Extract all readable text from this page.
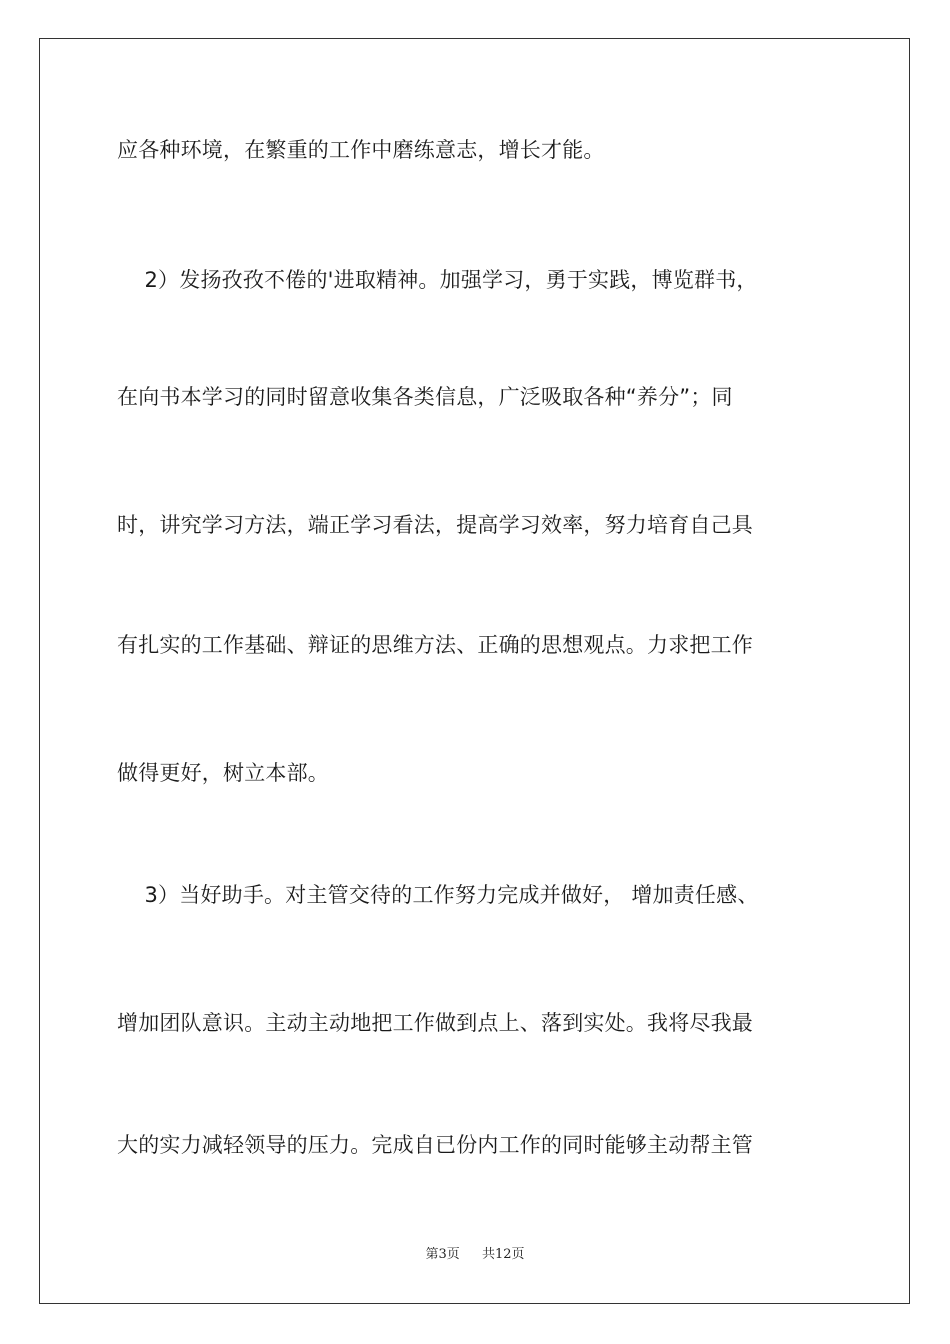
应各种环境，在繁重的工作中磨练意志，增长才能。
2）发扬孜孜不倦的'进取精神。加强学习，勇于实践，博览群书，
在向书本学习的同时留意收集各类信息，广泛吸取各种“养分”；同
时，讲究学习方法，端正学习看法，提高学习效率，努力培育自己具
有扎实的工作基础、辩证的思维方法、正确的思想观点。力求把工作
做得更好，树立本部。
3）当好助手。对主管交待的工作努力完成并做好， 增加责任感、
增加团队意识。主动主动地把工作做到点上、落到实处。我将尽我最
大的实力减轻领导的压力。完成自已份内工作的同时能够主动帮主管
第3页 共12页
